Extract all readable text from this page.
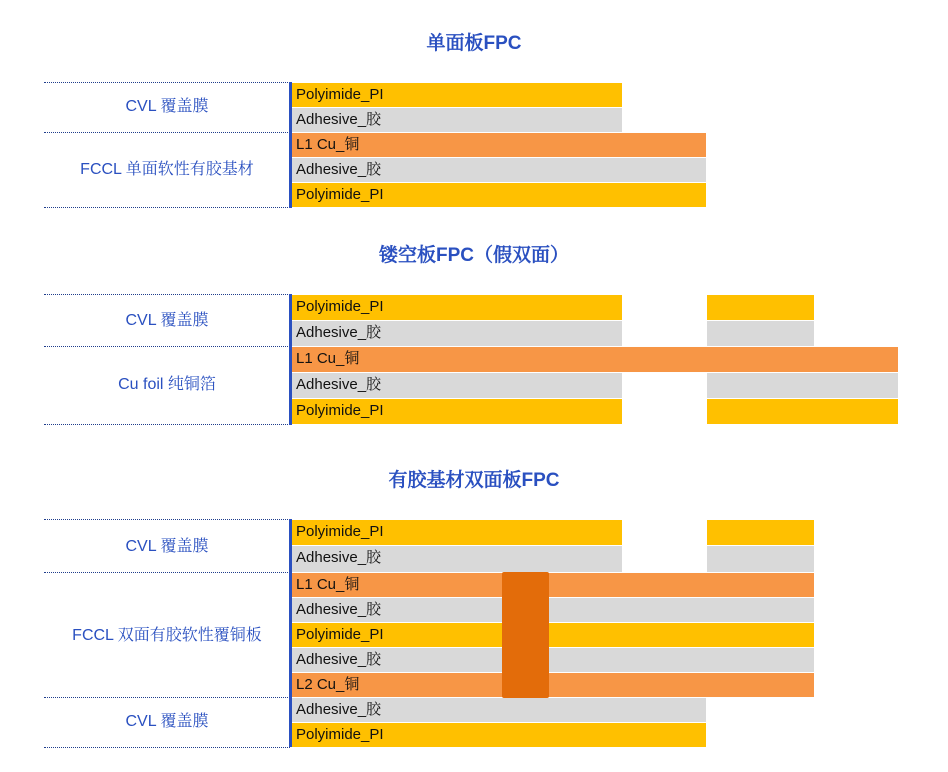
单面板FPC
CVL 覆盖膜
FCCL 单面软性有胶基材
Polyimide_PI
Adhesive_胶
L1 Cu_铜
Adhesive_胶
Polyimide_PI
镂空板FPC（假双面）
CVL 覆盖膜
Cu foil 纯铜箔
Polyimide_PI
Adhesive_胶
L1 Cu_铜
Adhesive_胶
Polyimide_PI
有胶基材双面板FPC
CVL 覆盖膜
FCCL 双面有胶软性覆铜板
CVL 覆盖膜
Polyimide_PI
Adhesive_胶
L1 Cu_铜
Adhesive_胶
Polyimide_PI
Adhesive_胶
L2 Cu_铜
Adhesive_胶
Polyimide_PI
